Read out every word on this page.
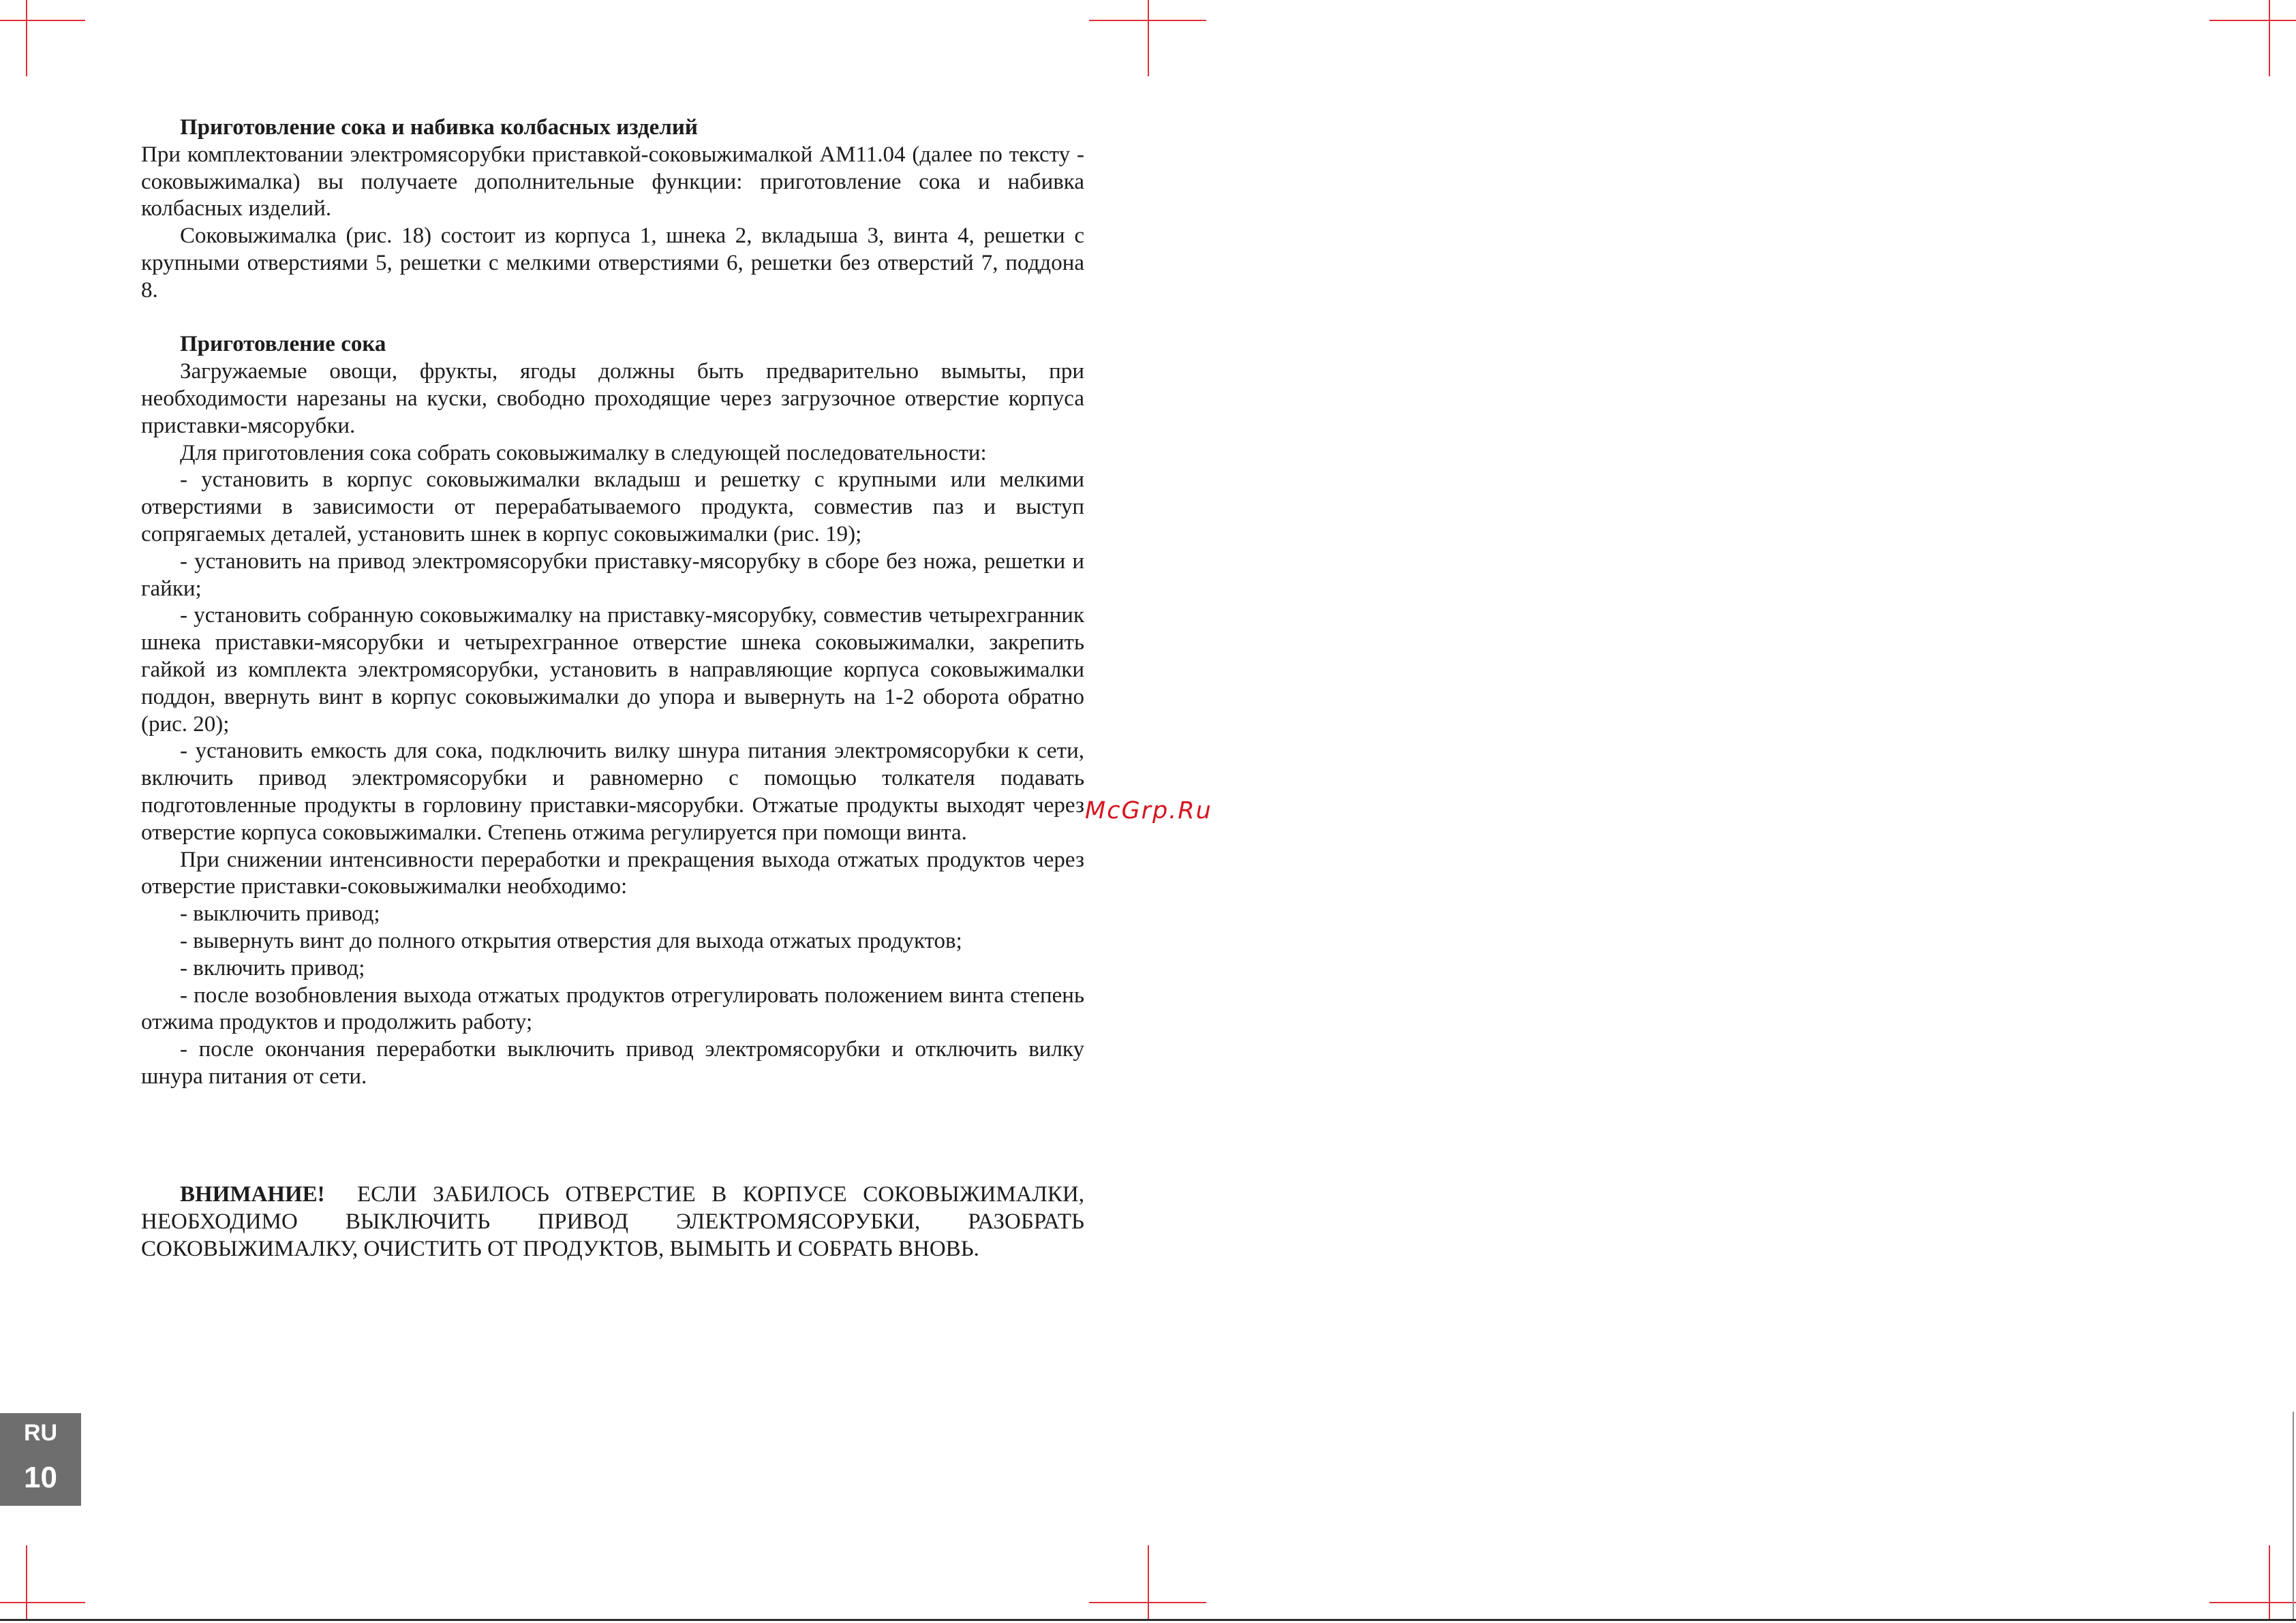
Приготовление сока и набивка колбасных изделий

При комплектовании электромясорубки приставкой-соковыжималкой АМ11.04 (далее по тексту - соковыжималка) вы получаете дополнительные функции: приготовление сока и набивка колбасных изделий.

Соковыжималка (рис. 18) состоит из корпуса 1, шнека 2, вкладыша 3, винта 4, решетки с крупными отверстиями 5, решетки с мелкими отверстиями 6, решетки без отверстий 7, поддона 8.

Приготовление сока

Загружаемые овощи, фрукты, ягоды должны быть предварительно вымыты, при необходимости нарезаны на куски, свободно проходящие через загрузочное отверстие корпуса приставки-мясорубки.

Для приготовления сока собрать соковыжималку в следующей последовательности:

- установить в корпус соковыжималки вкладыш и решетку с крупными или мелкими отверстиями в зависимости от перерабатываемого продукта, совместив паз и выступ сопрягаемых деталей, установить шнек в корпус соковыжималки (рис. 19);

- установить на привод электромясорубки приставку-мясорубку в сборе без ножа, решетки и гайки;

- установить собранную соковыжималку на приставку-мясорубку, совместив четырехгранник шнека приставки-мясорубки и четырехгранное отверстие шнека соковыжималки, закрепить гайкой из комплекта электромясорубки, установить в направляющие корпуса соковыжималки поддон, ввернуть винт в корпус соковыжималки до упора и вывернуть на 1-2 оборота обратно (рис. 20);

- установить емкость для сока, подключить вилку шнура питания электромясорубки к сети, включить привод электромясорубки и равномерно с помощью толкателя подавать подготовленные продукты в горловину приставки-мясорубки. Отжатые продукты выходят через отверстие корпуса соковыжималки. Степень отжима регулируется при помощи винта.

При снижении интенсивности переработки и прекращения выхода отжатых продуктов через отверстие приставки-соковыжималки необходимо:

- выключить привод;

- вывернуть винт до полного открытия отверстия для выхода отжатых продуктов;

- включить привод;

- после возобновления выхода отжатых продуктов отрегулировать положением винта степень отжима продуктов и продолжить работу;

- после окончания переработки выключить привод электромясорубки и отключить вилку шнура питания от сети.

ВНИМАНИЕ! ЕСЛИ ЗАБИЛОСЬ ОТВЕРСТИЕ В КОРПУСЕ СОКОВЫЖИМАЛКИ, НЕОБХОДИМО ВЫКЛЮЧИТЬ ПРИВОД ЭЛЕКТРОМЯСОРУБКИ, РАЗОБРАТЬ СОКОВЫЖИМАЛКУ, ОЧИСТИТЬ ОТ ПРОДУКТОВ, ВЫМЫТЬ И СОБРАТЬ ВНОВЬ.

McGrp.Ru
RU
10
